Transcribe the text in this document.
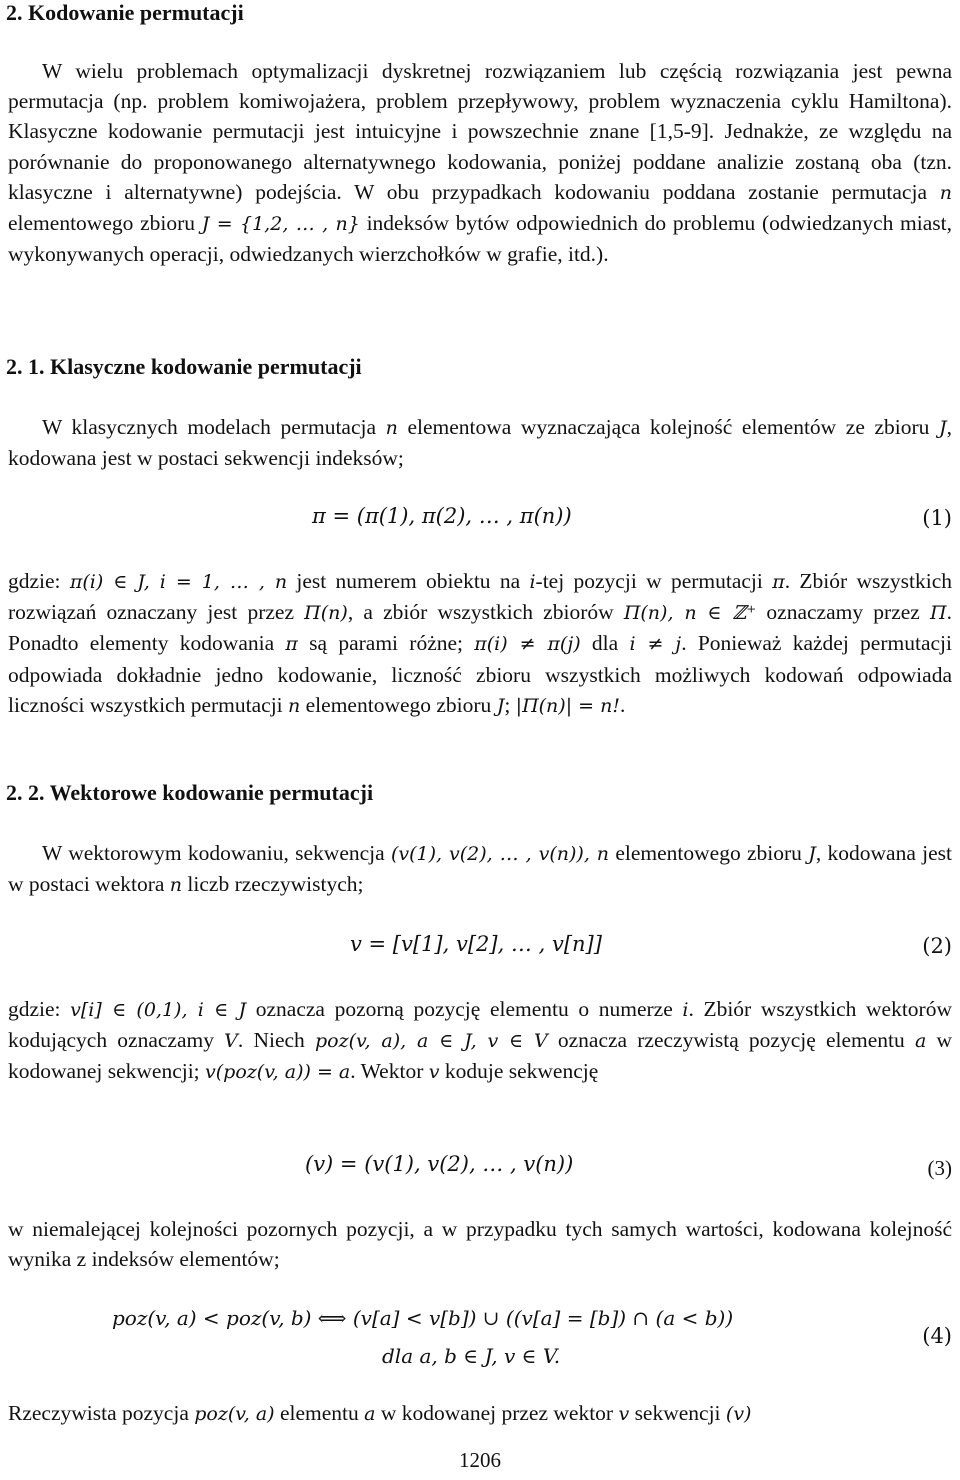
2. Kodowanie permutacji

W wielu problemach optymalizacji dyskretnej rozwiązaniem lub częścią rozwiązania jest pewna permutacja (np. problem komiwojażera, problem przepływowy, problem wyznaczenia cyklu Hamiltona). Klasyczne kodowanie permutacji jest intuicyjne i powszechnie znane [1,5-9]. Jednakże, ze względu na porównanie do proponowanego alternatywnego kodowania, poniżej poddane analizie zostaną oba (tzn. klasyczne i alternatywne) podejścia. W obu przypadkach kodowaniu poddana zostanie permutacja n elementowego zbioru J = {1,2, … , n} indeksów bytów odpowiednich do problemu (odwiedzanych miast, wykonywanych operacji, odwiedzanych wierzchołków w grafie, itd.).

2. 1. Klasyczne kodowanie permutacji

W klasycznych modelach permutacja n elementowa wyznaczająca kolejność elementów ze zbioru J, kodowana jest w postaci sekwencji indeksów;

π = (π(1), π(2), … , π(n))	(1)

gdzie: π(i) ∈ J, i = 1, … , n jest numerem obiektu na i-tej pozycji w permutacji π. Zbiór wszystkich rozwiązań oznaczany jest przez Π(n), a zbiór wszystkich zbiorów Π(n), n ∈ ℤ⁺ oznaczamy przez Π. Ponadto elementy kodowania π są parami różne; π(i) ≠ π(j) dla i ≠ j. Ponieważ każdej permutacji odpowiada dokładnie jedno kodowanie, liczność zbioru wszystkich możliwych kodowań odpowiada liczności wszystkich permutacji n elementowego zbioru J; |Π(n)| = n!.

2. 2. Wektorowe kodowanie permutacji

W wektorowym kodowaniu, sekwencja (v(1), v(2), … , v(n)), n elementowego zbioru J, kodowana jest w postaci wektora n liczb rzeczywistych;

v = [v[1], v[2], … , v[n]]	(2)

gdzie: v[i] ∈ (0,1), i ∈ J oznacza pozorną pozycję elementu o numerze i. Zbiór wszystkich wektorów kodujących oznaczamy V. Niech poz(v, a), a ∈ J, v ∈ V oznacza rzeczywistą pozycję elementu a w kodowanej sekwencji; v(poz(v, a)) = a. Wektor v koduje sekwencję

(v) = (v(1), v(2), … , v(n))	(3)

w niemalejącej kolejności pozornych pozycji, a w przypadku tych samych wartości, kodowana kolejność wynika z indeksów elementów;

poz(v, a) < poz(v, b) ⟺ (v[a] < v[b]) ∪ ((v[a] = [b]) ∩ (a < b))
dla a, b ∈ J, v ∈ V.
(4)

Rzeczywista pozycja poz(v, a) elementu a w kodowanej przez wektor v sekwencji (v)

1206
